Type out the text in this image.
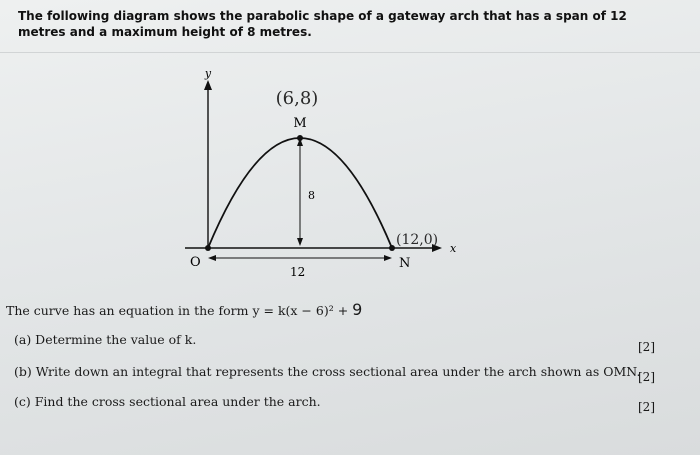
The following diagram shows the parabolic shape of a gateway arch that has a span of 12 metres and a maximum height of 8 metres.
y
x
O
M
N
8
12
(6,8)
(12,0)
The curve has an equation in the form y = k(x − 6)² + 9
(a) Determine the value of k.	[2]
(b) Write down an integral that represents the cross sectional area under the arch shown as OMN.
[2]
(c) Find the cross sectional area under the arch.	[2]
